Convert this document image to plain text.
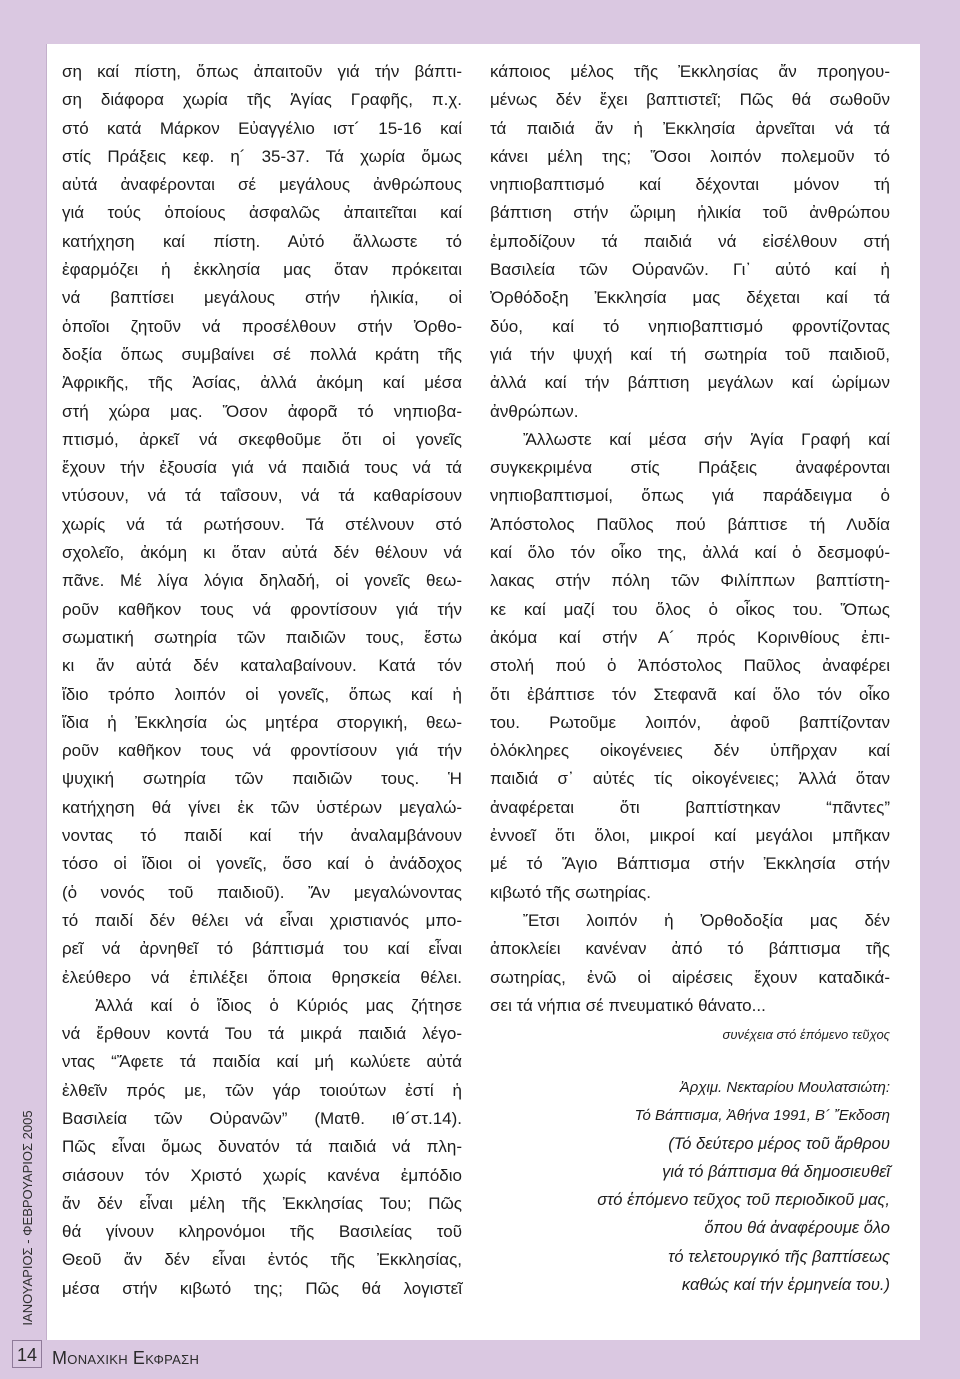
ση καί πίστη, ὅπως ἀπαιτοῦν γιά τήν βάπτι-
ση διάφορα χωρία τῆς Ἁγίας Γραφῆς, π.χ.
στό κατά Μάρκον Εὐαγγέλιο ιστ´ 15-16 καί
στίς Πράξεις κεφ. η´ 35-37. Τά χωρία ὅμως
αὐτά ἀναφέρονται σέ μεγάλους ἀνθρώπους
γιά τούς ὁποίους ἀσφαλῶς ἀπαιτεῖται καί
κατήχηση καί πίστη. Αὐτό ἄλλωστε τό
ἐφαρμόζει ἡ ἐκκλησία μας ὅταν πρόκειται
νά βαπτίσει μεγάλους στήν ἡλικία, οἱ
ὁποῖοι ζητοῦν νά προσέλθουν στήν Ὀρθο-
δοξία ὅπως συμβαίνει σέ πολλά κράτη τῆς
Ἀφρικῆς, τῆς Ἀσίας, ἀλλά ἀκόμη καί μέσα
στή χώρα μας. Ὅσον ἀφορᾶ τό νηπιοβα-
πτισμό, ἀρκεῖ νά σκεφθοῦμε ὅτι οἱ γονεῖς
ἔχουν τήν ἐξουσία γιά νά παιδιά τους νά τά
ντύσουν, νά τά ταΐσουν, νά τά καθαρίσουν
χωρίς νά τά ρωτήσουν. Τά στέλνουν στό
σχολεῖο, ἀκόμη κι ὅταν αὐτά δέν θέλουν νά
πᾶνε. Μέ λίγα λόγια δηλαδή, οἱ γονεῖς θεω-
ροῦν καθῆκον τους νά φροντίσουν γιά τήν
σωματική σωτηρία τῶν παιδιῶν τους, ἔστω
κι ἄν αὐτά δέν καταλαβαίνουν. Κατά τόν
ἴδιο τρόπο λοιπόν οἱ γονεῖς, ὅπως καί ἡ
ἴδια ἡ Ἐκκλησία ὡς μητέρα στοργική, θεω-
ροῦν καθῆκον τους νά φροντίσουν γιά τήν
ψυχική σωτηρία τῶν παιδιῶν τους. Ἡ
κατήχηση θά γίνει ἐκ τῶν ὑστέρων μεγαλώ-
νοντας τό παιδί καί τήν ἀναλαμβάνουν
τόσο οἱ ἴδιοι οἱ γονεῖς, ὅσο καί ὁ ἀνάδοχος
(ὁ νονός τοῦ παιδιοῦ). Ἄν μεγαλώνοντας
τό παιδί δέν θέλει νά εἶναι χριστιανός μπο-
ρεῖ νά ἀρνηθεῖ τό βάπτισμά του καί εἶναι
ἐλεύθερο νά ἐπιλέξει ὅποια θρησκεία θέλει.
Ἀλλά καί ὁ ἴδιος ὁ Κύριός μας ζήτησε
νά ἔρθουν κοντά Του τά μικρά παιδιά λέγο-
ντας “Ἄφετε τά παιδία καί μή κωλύετε αὐτά
ἐλθεῖν πρός με, τῶν γάρ τοιούτων ἐστί ἡ
Βασιλεία τῶν Οὐρανῶν” (Ματθ. ιθ´στ.14).
Πῶς εἶναι ὅμως δυνατόν τά παιδιά νά πλη-
σιάσουν τόν Χριστό χωρίς κανένα ἐμπόδιο
ἄν δέν εἶναι μέλη τῆς Ἐκκλησίας Του; Πῶς
θά γίνουν κληρονόμοι τῆς Βασιλείας τοῦ
Θεοῦ ἄν δέν εἶναι ἐντός τῆς Ἐκκλησίας,
μέσα στήν κιβωτό της; Πῶς θά λογιστεῖ
κάποιος μέλος τῆς Ἐκκλησίας ἄν προηγου-
μένως δέν ἔχει βαπτιστεῖ; Πῶς θά σωθοῦν
τά παιδιά ἄν ἡ Ἐκκλησία ἀρνεῖται νά τά
κάνει μέλη της; Ὅσοι λοιπόν πολεμοῦν τό
νηπιοβαπτισμό καί δέχονται μόνον τή
βάπτιση στήν ὥριμη ἡλικία τοῦ ἀνθρώπου
ἐμποδίζουν τά παιδιά νά εἰσέλθουν στή
Βασιλεία τῶν Οὐρανῶν. Γι᾽ αὐτό καί ἡ
Ὀρθόδοξη Ἐκκλησία μας δέχεται καί τά
δύο, καί τό νηπιοβαπτισμό φροντίζοντας
γιά τήν ψυχή καί τή σωτηρία τοῦ παιδιοῦ,
ἀλλά καί τήν βάπτιση μεγάλων καί ὡρίμων
ἀνθρώπων.
Ἄλλωστε καί μέσα σήν Ἁγία Γραφή καί
συγκεκριμένα στίς Πράξεις ἀναφέρονται
νηπιοβαπτισμοί, ὅπως γιά παράδειγμα ὁ
Ἀπόστολος Παῦλος πού βάπτισε τή Λυδία
καί ὅλο τόν οἶκο της, ἀλλά καί ὁ δεσμοφύ-
λακας στήν πόλη τῶν Φιλίππων βαπτίστη-
κε καί μαζί του ὅλος ὁ οἶκος του. Ὅπως
ἀκόμα καί στήν Α´ πρός Κορινθίους ἐπι-
στολή πού ὁ Ἀπόστολος Παῦλος ἀναφέρει
ὅτι ἐβάπτισε τόν Στεφανᾶ καί ὅλο τόν οἶκο
του. Ρωτοῦμε λοιπόν, ἀφοῦ βαπτίζονταν
ὁλόκληρες οἰκογένειες δέν ὑπῆρχαν καί
παιδιά σ᾽ αὐτές τίς οἰκογένειες; Ἀλλά ὅταν
ἀναφέρεται ὅτι βαπτίστηκαν “πᾶντες”
ἐννοεῖ ὅτι ὅλοι, μικροί καί μεγάλοι μπῆκαν
μέ τό Ἅγιο Βάπτισμα στήν Ἐκκλησία στήν
κιβωτό τῆς σωτηρίας.
Ἔτσι λοιπόν ἡ Ὀρθοδοξία μας δέν
ἀποκλείει κανέναν ἀπό τό βάπτισμα τῆς
σωτηρίας, ἐνῶ οἱ αἱρέσεις ἔχουν καταδικά-
σει τά νήπια σέ πνευματικό θάνατο...
συνέχεια στό ἑπόμενο τεῦχος
Ἀρχιμ. Νεκταρίου Μουλατσιώτη:
Τό Βάπτισμα, Ἀθήνα 1991, Β´ Ἔκδοση
(Τό δεύτερο μέρος τοῦ ἄρθρου
γιά τό βάπτισμα θά δημοσιευθεῖ
στό ἑπόμενο τεῦχος τοῦ περιοδικοῦ μας,
ὅπου θά ἀναφέρουμε ὅλο
τό τελετουργικό τῆς βαπτίσεως
καθώς καί τήν ἑρμηνεία του.)
ΙΑΝΟΥΑΡΙΟΣ - ΦΕΒΡΟΥΑΡΙΟΣ 2005
14	ΜΟΝΑΧΙΚΗ ΕΚΦΡΑΣΗ
